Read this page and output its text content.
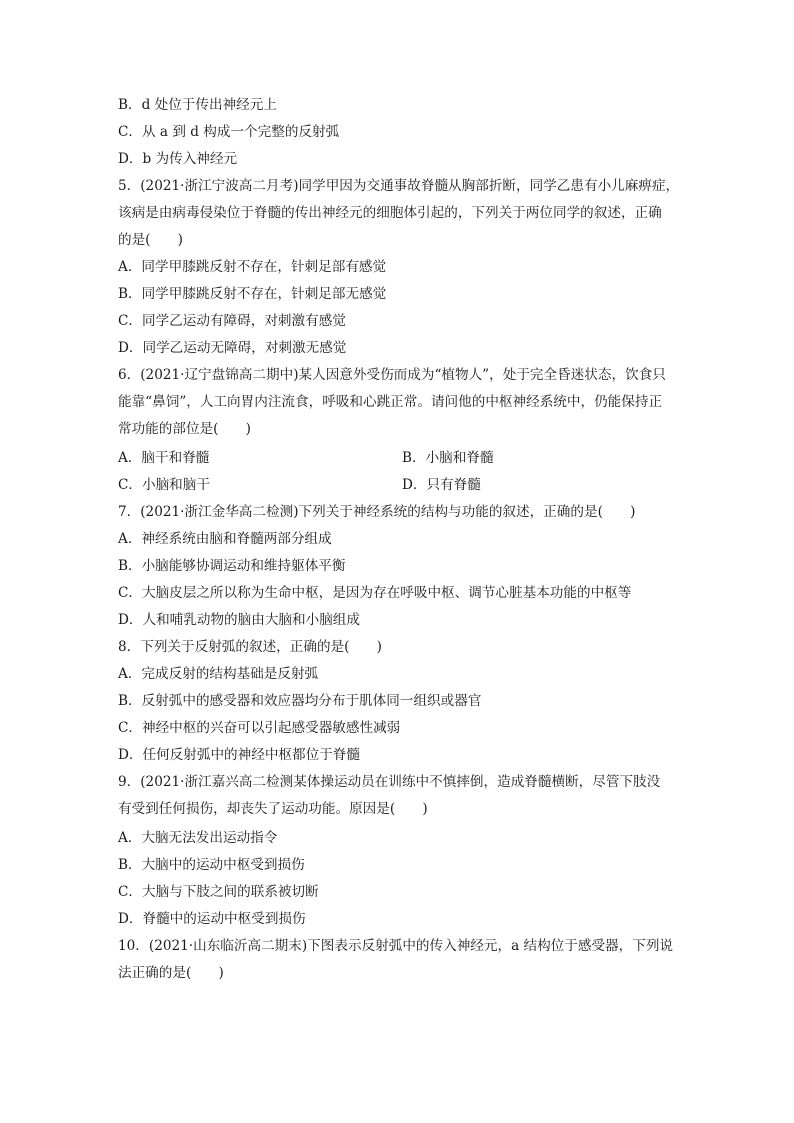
B．d 处位于传出神经元上
C．从 a 到 d 构成一个完整的反射弧
D．b 为传入神经元
5．(2021·浙江宁波高二月考)同学甲因为交通事故脊髓从胸部折断，同学乙患有小儿麻痹症，
该病是由病毒侵染位于脊髓的传出神经元的细胞体引起的，下列关于两位同学的叙述，正确
的是(　　)
A．同学甲膝跳反射不存在，针刺足部有感觉
B．同学甲膝跳反射不存在，针刺足部无感觉
C．同学乙运动有障碍，对刺激有感觉
D．同学乙运动无障碍，对刺激无感觉
6．(2021·辽宁盘锦高二期中)某人因意外受伤而成为“植物人”，处于完全昏迷状态，饮食只
能靠“鼻饲”，人工向胃内注流食，呼吸和心跳正常。请问他的中枢神经系统中，仍能保持正
常功能的部位是(　　)
A．脑干和脊髓	B．小脑和脊髓
C．小脑和脑干	D．只有脊髓
7．(2021·浙江金华高二检测)下列关于神经系统的结构与功能的叙述，正确的是(　　)
A．神经系统由脑和脊髓两部分组成
B．小脑能够协调运动和维持躯体平衡
C．大脑皮层之所以称为生命中枢，是因为存在呼吸中枢、调节心脏基本功能的中枢等
D．人和哺乳动物的脑由大脑和小脑组成
8．下列关于反射弧的叙述，正确的是(　　)
A．完成反射的结构基础是反射弧
B．反射弧中的感受器和效应器均分布于肌体同一组织或器官
C．神经中枢的兴奋可以引起感受器敏感性减弱
D．任何反射弧中的神经中枢都位于脊髓
9．(2021·浙江嘉兴高二检测某体操运动员在训练中不慎摔倒，造成脊髓横断，尽管下肢没
有受到任何损伤，却丧失了运动功能。原因是(　　)
A．大脑无法发出运动指令
B．大脑中的运动中枢受到损伤
C．大脑与下肢之间的联系被切断
D．脊髓中的运动中枢受到损伤
10．(2021·山东临沂高二期末)下图表示反射弧中的传入神经元，a 结构位于感受器，下列说
法正确的是(　　)
